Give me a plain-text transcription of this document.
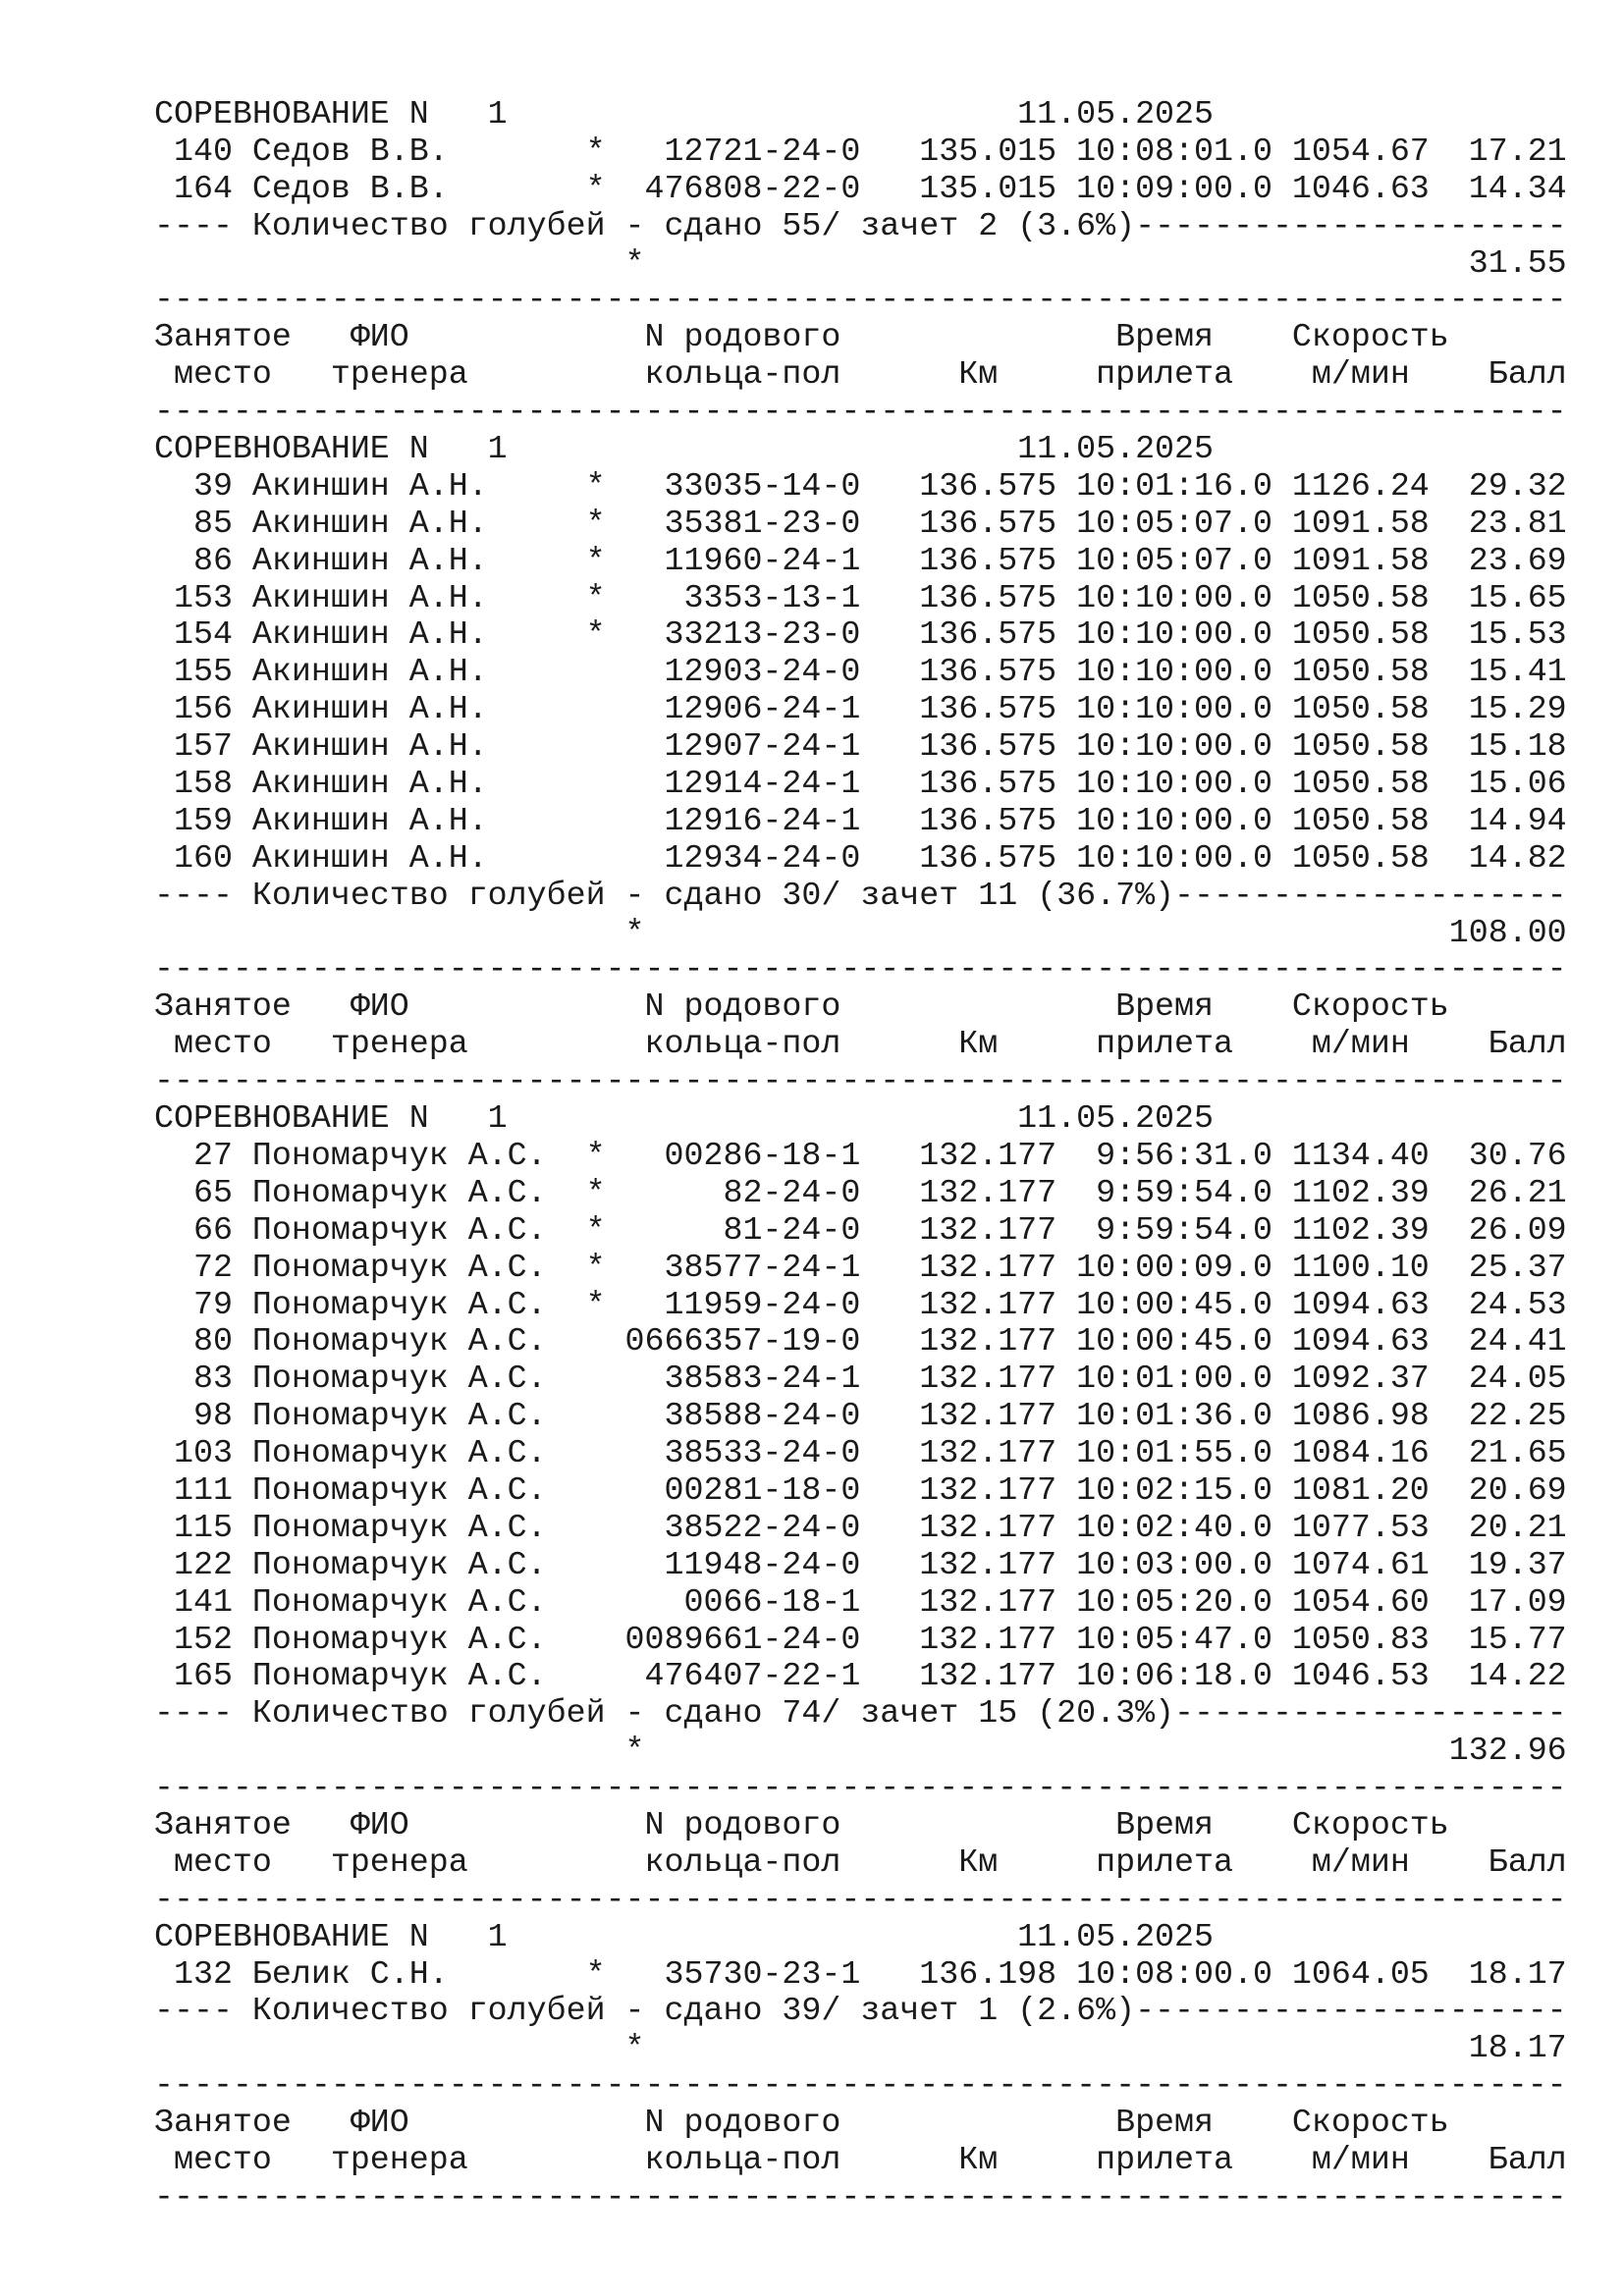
СОРЕВНОВАНИЕ N   1                          11.05.2025
140 Седов В.В.       *   12721-24-0   135.015 10:08:01.0 1054.67  17.21
164 Седов В.В.       *  476808-22-0   135.015 10:09:00.0 1046.63  14.34
---- Количество голубей - сдано 55/ зачет 2 (3.6%)----------------------
*                                          31.55
------------------------------------------------------------------------
Занятое   ФИО            N родового              Время    Скорость
место   тренера         кольца-пол      Км     прилета    м/мин    Балл
------------------------------------------------------------------------
СОРЕВНОВАНИЕ N   1                          11.05.2025
39 Акиншин А.Н.     *   33035-14-0   136.575 10:01:16.0 1126.24  29.32
85 Акиншин А.Н.     *   35381-23-0   136.575 10:05:07.0 1091.58  23.81
86 Акиншин А.Н.     *   11960-24-1   136.575 10:05:07.0 1091.58  23.69
153 Акиншин А.Н.     *    3353-13-1   136.575 10:10:00.0 1050.58  15.65
154 Акиншин А.Н.     *   33213-23-0   136.575 10:10:00.0 1050.58  15.53
155 Акиншин А.Н.         12903-24-0   136.575 10:10:00.0 1050.58  15.41
156 Акиншин А.Н.         12906-24-1   136.575 10:10:00.0 1050.58  15.29
157 Акиншин А.Н.         12907-24-1   136.575 10:10:00.0 1050.58  15.18
158 Акиншин А.Н.         12914-24-1   136.575 10:10:00.0 1050.58  15.06
159 Акиншин А.Н.         12916-24-1   136.575 10:10:00.0 1050.58  14.94
160 Акиншин А.Н.         12934-24-0   136.575 10:10:00.0 1050.58  14.82
---- Количество голубей - сдано 30/ зачет 11 (36.7%)--------------------
*                                         108.00
------------------------------------------------------------------------
Занятое   ФИО            N родового              Время    Скорость
место   тренера         кольца-пол      Км     прилета    м/мин    Балл
------------------------------------------------------------------------
СОРЕВНОВАНИЕ N   1                          11.05.2025
27 Пономарчук А.С.  *   00286-18-1   132.177  9:56:31.0 1134.40  30.76
65 Пономарчук А.С.  *      82-24-0   132.177  9:59:54.0 1102.39  26.21
66 Пономарчук А.С.  *      81-24-0   132.177  9:59:54.0 1102.39  26.09
72 Пономарчук А.С.  *   38577-24-1   132.177 10:00:09.0 1100.10  25.37
79 Пономарчук А.С.  *   11959-24-0   132.177 10:00:45.0 1094.63  24.53
80 Пономарчук А.С.    0666357-19-0   132.177 10:00:45.0 1094.63  24.41
83 Пономарчук А.С.      38583-24-1   132.177 10:01:00.0 1092.37  24.05
98 Пономарчук А.С.      38588-24-0   132.177 10:01:36.0 1086.98  22.25
103 Пономарчук А.С.      38533-24-0   132.177 10:01:55.0 1084.16  21.65
111 Пономарчук А.С.      00281-18-0   132.177 10:02:15.0 1081.20  20.69
115 Пономарчук А.С.      38522-24-0   132.177 10:02:40.0 1077.53  20.21
122 Пономарчук А.С.      11948-24-0   132.177 10:03:00.0 1074.61  19.37
141 Пономарчук А.С.       0066-18-1   132.177 10:05:20.0 1054.60  17.09
152 Пономарчук А.С.    0089661-24-0   132.177 10:05:47.0 1050.83  15.77
165 Пономарчук А.С.     476407-22-1   132.177 10:06:18.0 1046.53  14.22
---- Количество голубей - сдано 74/ зачет 15 (20.3%)--------------------
*                                         132.96
------------------------------------------------------------------------
Занятое   ФИО            N родового              Время    Скорость
место   тренера         кольца-пол      Км     прилета    м/мин    Балл
------------------------------------------------------------------------
СОРЕВНОВАНИЕ N   1                          11.05.2025
132 Белик С.Н.       *   35730-23-1   136.198 10:08:00.0 1064.05  18.17
---- Количество голубей - сдано 39/ зачет 1 (2.6%)----------------------
*                                          18.17
------------------------------------------------------------------------
Занятое   ФИО            N родового              Время    Скорость
место   тренера         кольца-пол      Км     прилета    м/мин    Балл
------------------------------------------------------------------------
